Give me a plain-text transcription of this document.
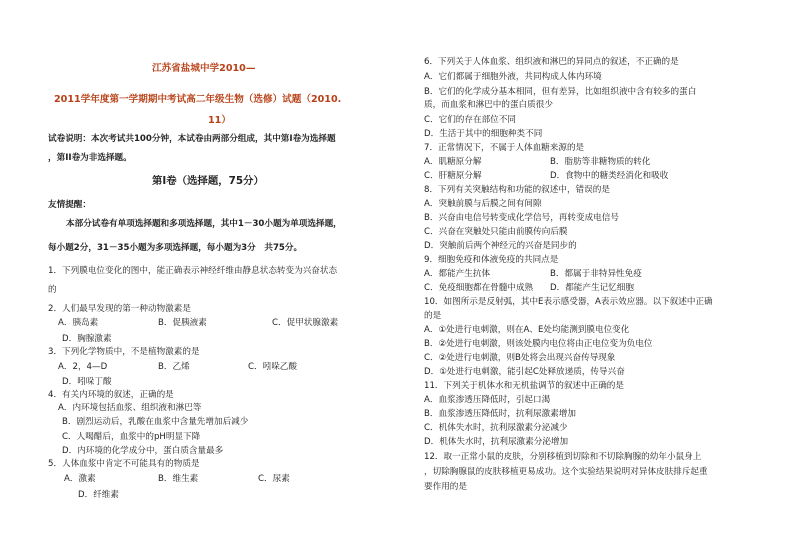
江苏省盐城中学2010—
2011学年度第一学期期中考试高二年级生物（选修）试题（2010.
11）
试卷说明：本次考试共100分钟，本试卷由两部分组成，其中第I卷为选择题
，第II卷为非选择题。
第I卷（选择题，75分）
友情提醒：
本部分试卷有单项选择题和多项选择题，其中1－30小题为单项选择题，
每小题2分，31－35小题为多项选择题，每小题为3分　共75分。
1．下列膜电位变化的图中，能正确表示神经纤维由静息状态转变为兴奋状态
的
2．人们最早发现的第一种动物激素是
A．胰岛素	B．促胰液素	C．促甲状腺激素
D．胸腺激素
3．下列化学物质中，不是植物激素的是
A．2，4—D	B．乙烯	C．吲哚乙酸
D．吲哚丁酸
4．有关内环境的叙述，正确的是
A．内环境包括血浆、组织液和淋巴等
B．剧烈运动后，乳酸在血浆中含量先增加后减少
C．人喝醋后，血浆中的pH明显下降
D．内环境的化学成分中，蛋白质含量最多
5．人体血浆中肯定不可能具有的物质是
A．激素	B．维生素	C．尿素
D．纤维素
6．下列关于人体血浆、组织液和淋巴的异同点的叙述，不正确的是
A．它们都属于细胞外液，共同构成人体内环境
B．它们的化学成分基本相同，但有差异，比如组织液中含有较多的蛋白
质，而血浆和淋巴中的蛋白质很少
C．它们的存在部位不同
D．生活于其中的细胞种类不同
7．正常情况下，不属于人体血糖来源的是
A．肌糖原分解	B．脂肪等非糖物质的转化
C．肝糖原分解	D．食物中的糖类经消化和吸收
8．下列有关突触结构和功能的叙述中，错误的是
A．突触前膜与后膜之间有间隙
B．兴奋由电信号转变成化学信号，再转变成电信号
C．兴奋在突触处只能由前膜传向后膜
D．突触前后两个神经元的兴奋是同步的
9．细胞免疫和体液免疫的共同点是
A．都能产生抗体	B．都属于非特异性免疫
C．免疫细胞都在骨髓中成熟 D．都能产生记忆细胞
10．如图所示是反射弧，其中E表示感受器，A表示效应器。以下叙述中正确
的是
A．①处进行电刺激，则在A、E处均能测到膜电位变化
B．②处进行电刺激，则该处膜内电位将由正电位变为负电位
C．②处进行电刺激，则B处将会出现兴奋传导现象
D．①处进行电刺激，能引起C处释放递质，传导兴奋
11．下列关于机体水和无机盐调节的叙述中正确的是
A．血浆渗透压降低时，引起口渴
B．血浆渗透压降低时，抗利尿激素增加
C．机体失水时，抗利尿激素分泌减少
D．机体失水时，抗利尿激素分泌增加
12．取一正常小鼠的皮肤，分别移植到切除和不切除胸腺的幼年小鼠身上
，切除胸腺鼠的皮肤移植更易成功。这个实验结果说明对异体皮肤排斥起重
要作用的是
